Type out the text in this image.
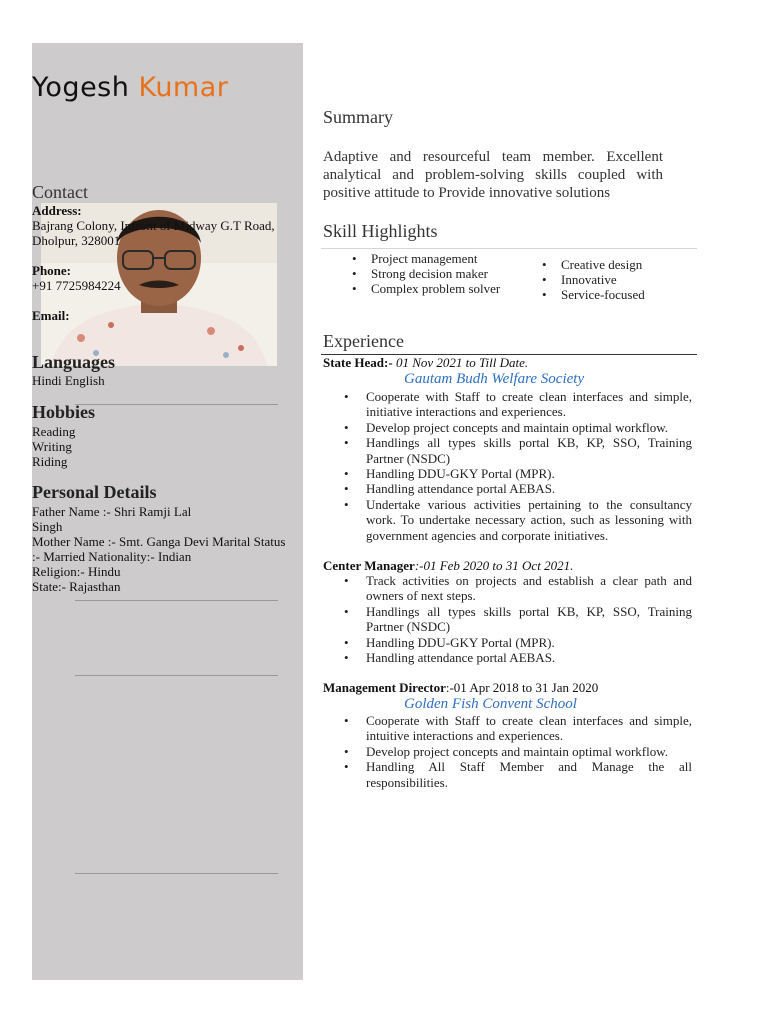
Yogesh Kumar
Contact
Address:
Bajrang Colony, Infront of Midway G.T Road,
Dholpur, 328001
Phone:
+91 7725984224
Email:
Languages
Hindi English
Hobbies
Reading
Writing
Riding
Personal Details
Father Name :- Shri Ramji Lal
Singh
Mother Name :- Smt. Ganga Devi Marital Status
:- Married Nationality:- Indian
Religion:- Hindu
State:- Rajasthan
Summary
Adaptive and resourceful team member. Excellent analytical and problem-solving skills coupled with positive attitude to Provide innovative solutions
Skill Highlights
• Project management
• Strong decision maker
• Complex problem solver
• Creative design
• Innovative
• Service-focused
Experience
State Head:- 01 Nov 2021 to Till Date.
Gautam Budh Welfare Society
• Cooperate with Staff to create clean interfaces and simple, initiative interactions and experiences.
• Develop project concepts and maintain optimal workflow.
• Handlings all types skills portal KB, KP, SSO, Training Partner (NSDC)
• Handling DDU-GKY Portal (MPR).
• Handling attendance portal AEBAS.
• Undertake various activities pertaining to the consultancy work. To undertake necessary action, such as lessoning with government agencies and corporate initiatives.
Center Manager:-01 Feb 2020 to 31 Oct 2021.
• Track activities on projects and establish a clear path and owners of next steps.
• Handlings all types skills portal KB, KP, SSO, Training Partner (NSDC)
• Handling DDU-GKY Portal (MPR).
• Handling attendance portal AEBAS.
Management Director:-01 Apr 2018 to 31 Jan 2020
Golden Fish Convent School
• Cooperate with Staff to create clean interfaces and simple, intuitive interactions and experiences.
• Develop project concepts and maintain optimal workflow.
• Handling All Staff Member and Manage the all responsibilities.
